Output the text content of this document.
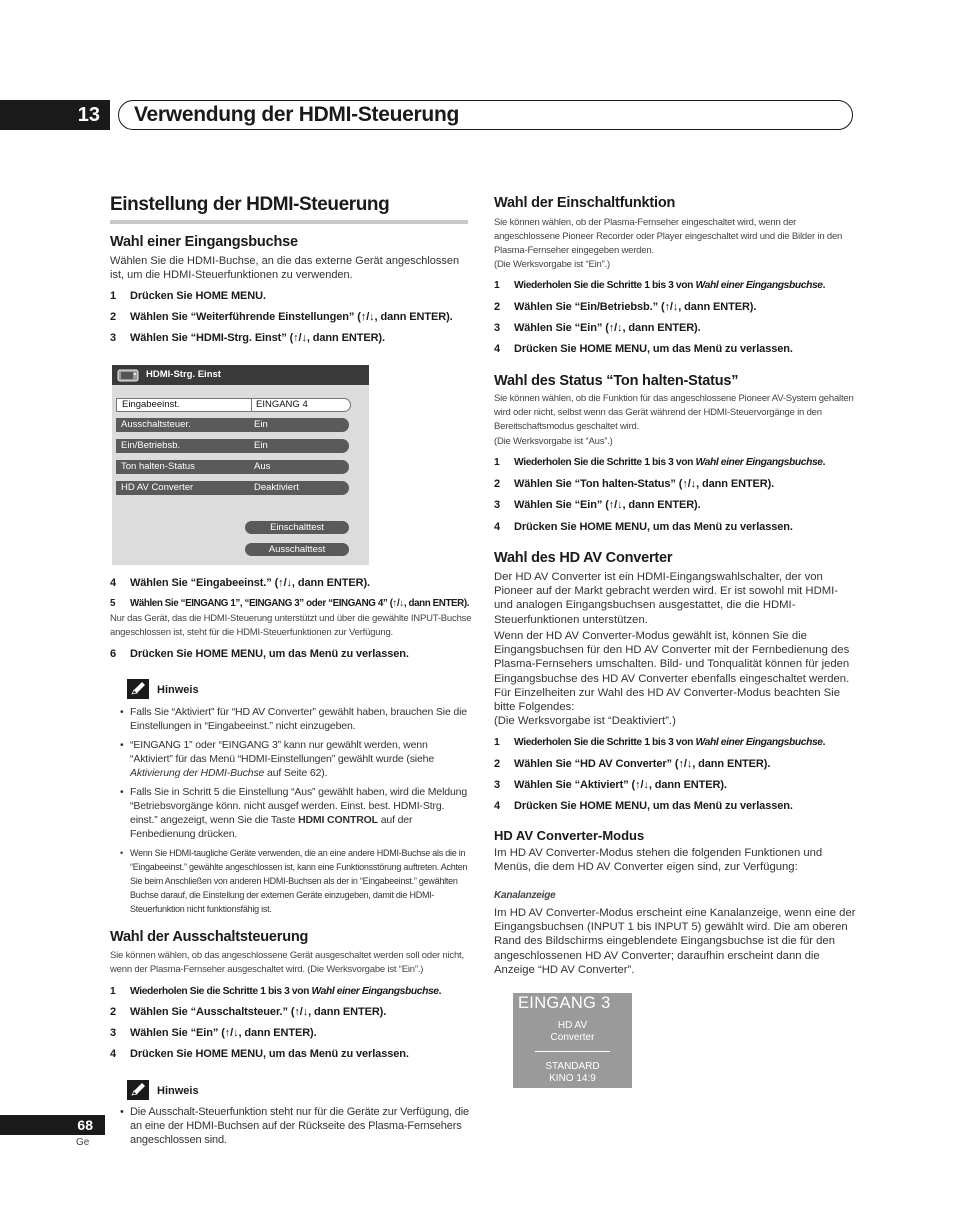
13	Verwendung der HDMI-Steuerung
Einstellung der HDMI-Steuerung
Wahl einer Eingangsbuchse
Wählen Sie die HDMI-Buchse, an die das externe Gerät angeschlossen ist, um die HDMI-Steuerfunktionen zu verwenden.
1 Drücken Sie HOME MENU.
2 Wählen Sie “Weiterführende Einstellungen” (↑/↓, dann ENTER).
3 Wählen Sie “HDMI-Strg. Einst” (↑/↓, dann ENTER).
HDMI-Strg. Einst
Eingabeeinst.	EINGANG 4
Ausschaltsteuer.	Ein
Ein/Betriebsb.	Ein
Ton halten-Status	Aus
HD AV Converter	Deaktiviert
Einschalttest
Ausschalttest
4 Wählen Sie “Eingabeeinst.” (↑/↓, dann ENTER).
5 Wählen Sie “EINGANG 1”, “EINGANG 3” oder “EINGANG 4” (↑/↓, dann ENTER).
Nur das Gerät, das die HDMI-Steuerung unterstützt und über die gewählte INPUT-Buchse angeschlossen ist, steht für die HDMI-Steuerfunktionen zur Verfügung.
6 Drücken Sie HOME MENU, um das Menü zu verlassen.
Hinweis
• Falls Sie “Aktiviert” für “HD AV Converter” gewählt haben, brauchen Sie die Einstellungen in “Eingabeeinst.” nicht einzugeben.
• “EINGANG 1” oder “EINGANG 3” kann nur gewählt werden, wenn “Aktiviert” für das Menü “HDMI-Einstellungen” gewählt wurde (siehe Aktivierung der HDMI-Buchse auf Seite 62).
• Falls Sie in Schritt 5 die Einstellung “Aus” gewählt haben, wird die Meldung “Betriebsvorgänge könn. nicht ausgef werden. Einst. best. HDMI-Strg. einst.” angezeigt, wenn Sie die Taste HDMI CONTROL auf der Fenbedienung drücken.
• Wenn Sie HDMI-taugliche Geräte verwenden, die an eine andere HDMI-Buchse als die in “Eingabeeinst.” gewählte angeschlossen ist, kann eine Funktionsstörung auftreten. Achten Sie beim Anschließen von anderen HDMI-Buchsen als der in “Eingabeeinst.” gewählten Buchse darauf, die Einstellung der externen Geräte einzugeben, damit die HDMI-Steuerfunktion nicht funktionsfähig ist.
Wahl der Ausschaltsteuerung
Sie können wählen, ob das angeschlossene Gerät ausgeschaltet werden soll oder nicht, wenn der Plasma-Fernseher ausgeschaltet wird. (Die Werksvorgabe ist “Ein”.)
1 Wiederholen Sie die Schritte 1 bis 3 von Wahl einer Eingangsbuchse.
2 Wählen Sie “Ausschaltsteuer.” (↑/↓, dann ENTER).
3 Wählen Sie “Ein” (↑/↓, dann ENTER).
4 Drücken Sie HOME MENU, um das Menü zu verlassen.
Hinweis
• Die Ausschalt-Steuerfunktion steht nur für die Geräte zur Verfügung, die an eine der HDMI-Buchsen auf der Rückseite des Plasma-Fernsehers angeschlossen sind.
Wahl der Einschaltfunktion
Sie können wählen, ob der Plasma-Fernseher eingeschaltet wird, wenn der angeschlossene Pioneer Recorder oder Player eingeschaltet wird und die Bilder in den Plasma-Fernseher eingegeben werden.
(Die Werksvorgabe ist “Ein”.)
1 Wiederholen Sie die Schritte 1 bis 3 von Wahl einer Eingangsbuchse.
2 Wählen Sie “Ein/Betriebsb.” (↑/↓, dann ENTER).
3 Wählen Sie “Ein” (↑/↓, dann ENTER).
4 Drücken Sie HOME MENU, um das Menü zu verlassen.
Wahl des Status “Ton halten-Status”
Sie können wählen, ob die Funktion für das angeschlossene Pioneer AV-System gehalten wird oder nicht, selbst wenn das Gerät während der HDMI-Steuervorgänge in den Bereitschaftsmodus geschaltet wird.
(Die Werksvorgabe ist “Aus”.)
1 Wiederholen Sie die Schritte 1 bis 3 von Wahl einer Eingangsbuchse.
2 Wählen Sie “Ton halten-Status” (↑/↓, dann ENTER).
3 Wählen Sie “Ein” (↑/↓, dann ENTER).
4 Drücken Sie HOME MENU, um das Menü zu verlassen.
Wahl des HD AV Converter
Der HD AV Converter ist ein HDMI-Eingangswahlschalter, der von Pioneer auf der Markt gebracht werden wird. Er ist sowohl mit HDMI- und analogen Eingangsbuchsen ausgestattet, die die HDMI-Steuerfunktionen unterstützen.
Wenn der HD AV Converter-Modus gewählt ist, können Sie die Eingangsbuchsen für den HD AV Converter mit der Fernbedienung des Plasma-Fernsehers umschalten. Bild- und Tonqualität können für jeden Eingangsbuchse des HD AV Converter ebenfalls eingeschaltet werden. Für Einzelheiten zur Wahl des HD AV Converter-Modus beachten Sie bitte Folgendes:
(Die Werksvorgabe ist “Deaktiviert”.)
1 Wiederholen Sie die Schritte 1 bis 3 von Wahl einer Eingangsbuchse.
2 Wählen Sie “HD AV Converter” (↑/↓, dann ENTER).
3 Wählen Sie “Aktiviert” (↑/↓, dann ENTER).
4 Drücken Sie HOME MENU, um das Menü zu verlassen.
HD AV Converter-Modus
Im HD AV Converter-Modus stehen die folgenden Funktionen und Menüs, die dem HD AV Converter eigen sind, zur Verfügung:
Kanalanzeige
Im HD AV Converter-Modus erscheint eine Kanalanzeige, wenn eine der Eingangsbuchsen (INPUT 1 bis INPUT 5) gewählt wird. Die am oberen Rand des Bildschirms eingeblendete Eingangsbuchse ist die für den angeschlossenen HD AV Converter; daraufhin erscheint dann die Anzeige “HD AV Converter”.
EINGANG 3
HD AV
Converter
STANDARD
KINO 14:9
68
Ge
